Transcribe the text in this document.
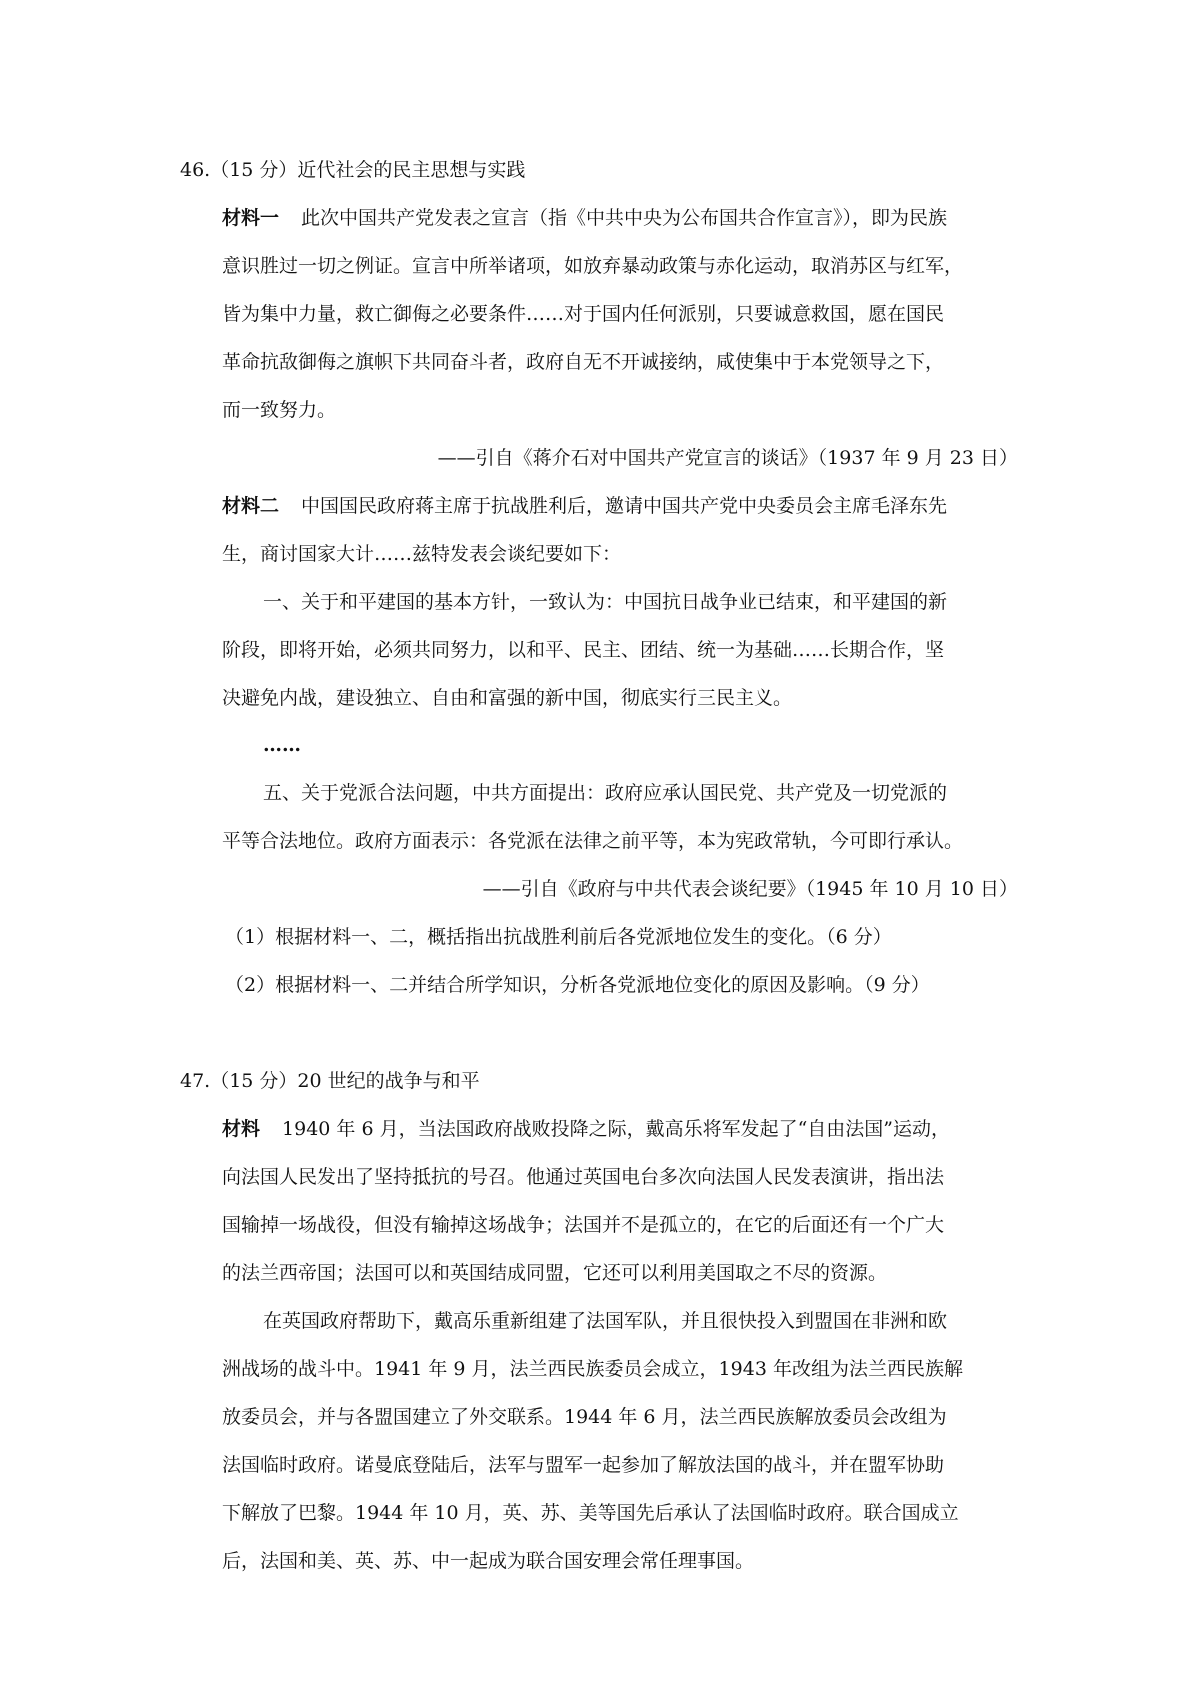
46.（15 分）近代社会的民主思想与实践
材料一 此次中国共产党发表之宣言（指《中共中央为公布国共合作宣言》），即为民族
意识胜过一切之例证。宣言中所举诸项，如放弃暴动政策与赤化运动，取消苏区与红军，
皆为集中力量，救亡御侮之必要条件……对于国内任何派别，只要诚意救国，愿在国民
革命抗敌御侮之旗帜下共同奋斗者，政府自无不开诚接纳，咸使集中于本党领导之下，
而一致努力。
——引自《蒋介石对中国共产党宣言的谈话》（1937 年 9 月 23 日）
材料二 中国国民政府蒋主席于抗战胜利后，邀请中国共产党中央委员会主席毛泽东先
生，商讨国家大计……兹特发表会谈纪要如下：
一、关于和平建国的基本方针，一致认为：中国抗日战争业已结束，和平建国的新
阶段，即将开始，必须共同努力，以和平、民主、团结、统一为基础……长期合作，坚
决避免内战，建设独立、自由和富强的新中国，彻底实行三民主义。
……
五、关于党派合法问题，中共方面提出：政府应承认国民党、共产党及一切党派的
平等合法地位。政府方面表示：各党派在法律之前平等，本为宪政常轨，今可即行承认。
——引自《政府与中共代表会谈纪要》（1945 年 10 月 10 日）
（1）根据材料一、二，概括指出抗战胜利前后各党派地位发生的变化。（6 分）
（2）根据材料一、二并结合所学知识，分析各党派地位变化的原因及影响。（9 分）
47.（15 分）20 世纪的战争与和平
材料 1940 年 6 月，当法国政府战败投降之际，戴高乐将军发起了“自由法国”运动，
向法国人民发出了坚持抵抗的号召。他通过英国电台多次向法国人民发表演讲，指出法
国输掉一场战役，但没有输掉这场战争；法国并不是孤立的，在它的后面还有一个广大
的法兰西帝国；法国可以和英国结成同盟，它还可以利用美国取之不尽的资源。
在英国政府帮助下，戴高乐重新组建了法国军队，并且很快投入到盟国在非洲和欧
洲战场的战斗中。1941 年 9 月，法兰西民族委员会成立，1943 年改组为法兰西民族解
放委员会，并与各盟国建立了外交联系。1944 年 6 月，法兰西民族解放委员会改组为
法国临时政府。诺曼底登陆后，法军与盟军一起参加了解放法国的战斗，并在盟军协助
下解放了巴黎。1944 年 10 月，英、苏、美等国先后承认了法国临时政府。联合国成立
后，法国和美、英、苏、中一起成为联合国安理会常任理事国。
